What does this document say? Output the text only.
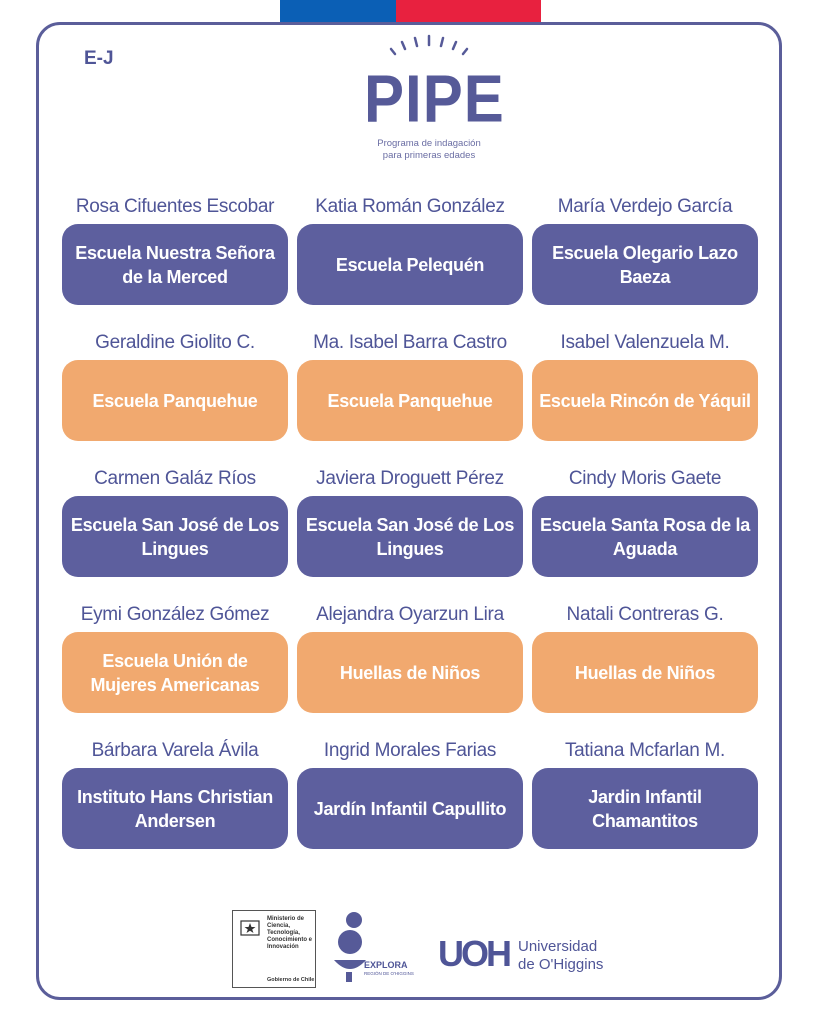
E-J
PIPE
Programa de indagación
para primeras edades
Rosa Cifuentes Escobar
Escuela Nuestra Señora de la Merced
Katia Román González
Escuela Pelequén
María Verdejo García
Escuela Olegario Lazo Baeza
Geraldine Giolito C.
Escuela Panquehue
Ma. Isabel Barra Castro
Escuela Panquehue
Isabel Valenzuela M.
Escuela Rincón de Yáquil
Carmen Galáz Ríos
Escuela San José de Los Lingues
Javiera Droguett Pérez
Escuela San José de Los Lingues
Cindy Moris Gaete
Escuela Santa Rosa de la Aguada
Eymi González Gómez
Escuela Unión de Mujeres Americanas
Alejandra Oyarzun Lira
Huellas de Niños
Natali Contreras G.
Huellas de Niños
Bárbara Varela Ávila
Instituto Hans Christian Andersen
Ingrid Morales Farias
Jardín Infantil Capullito
Tatiana Mcfarlan M.
Jardin Infantil Chamantitos
Ministerio de Ciencia, Tecnología, Conocimiento e Innovación
Gobierno de Chile
EXPLORA
REGIÓN DE O'HIGGINS UOH Universidad
de O'Higgins
